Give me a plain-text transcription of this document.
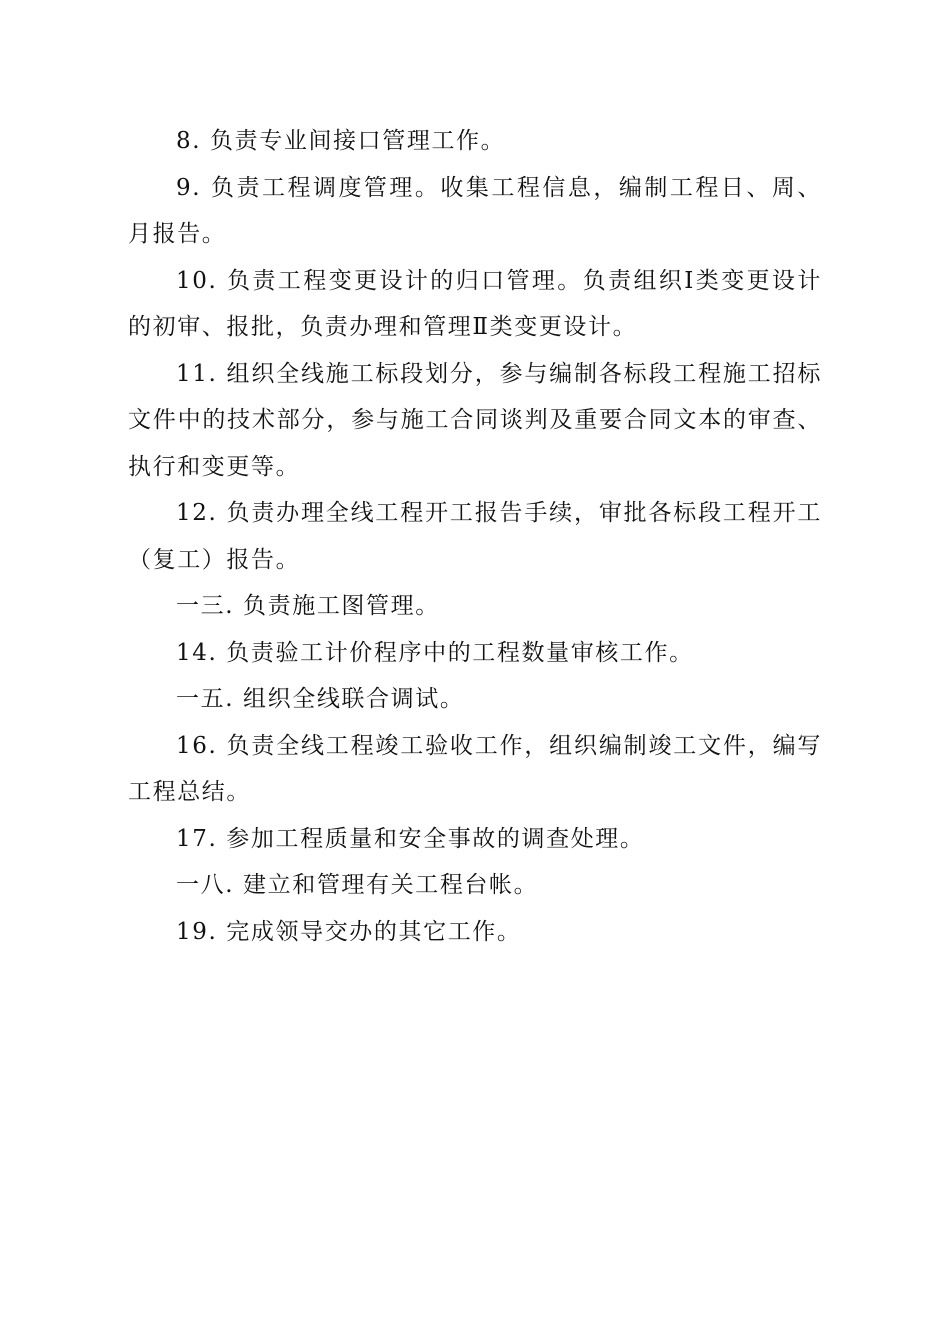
8. 负责专业间接口管理工作。

9. 负责工程调度管理。收集工程信息，编制工程日、周、月报告。

10. 负责工程变更设计的归口管理。负责组织Ⅰ类变更设计的初审、报批，负责办理和管理Ⅱ类变更设计。

11. 组织全线施工标段划分，参与编制各标段工程施工招标文件中的技术部分，参与施工合同谈判及重要合同文本的审查、执行和变更等。

12. 负责办理全线工程开工报告手续，审批各标段工程开工（复工）报告。

一三. 负责施工图管理。

14. 负责验工计价程序中的工程数量审核工作。

一五. 组织全线联合调试。

16. 负责全线工程竣工验收工作，组织编制竣工文件，编写工程总结。

17. 参加工程质量和安全事故的调查处理。

一八. 建立和管理有关工程台帐。

19. 完成领导交办的其它工作。
